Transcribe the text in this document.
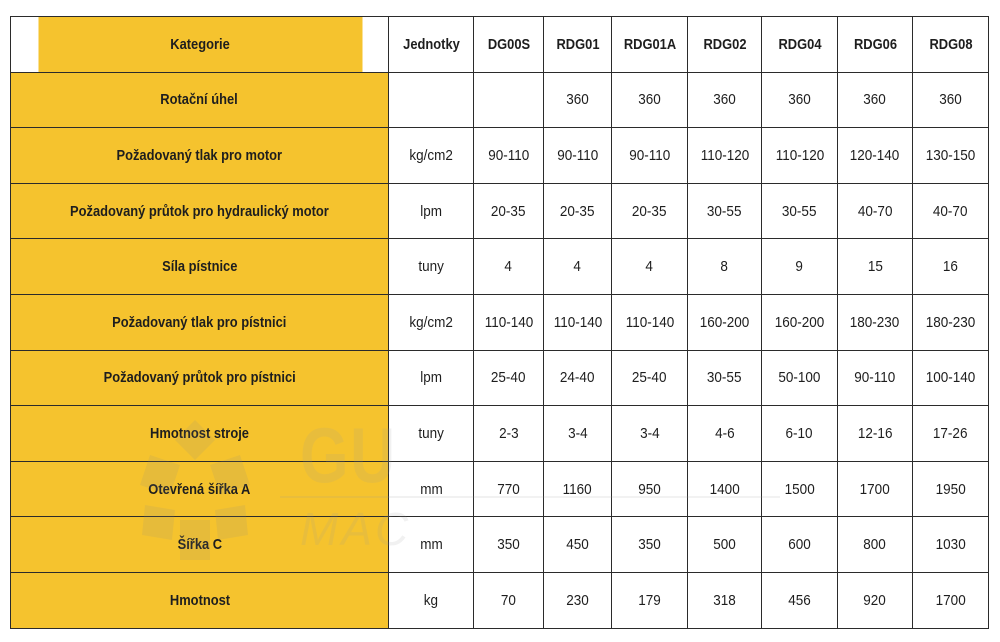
Kategorie	Jednotky	DG00S	RDG01	RDG01A	RDG02	RDG04	RDG06	RDG08
Rotační úhel			360	360	360	360	360	360
Požadovaný tlak pro motor	kg/cm2	90-110	90-110	90-110	110-120	110-120	120-140	130-150
Požadovaný průtok pro hydraulický motor	lpm	20-35	20-35	20-35	30-55	30-55	40-70	40-70
Síla pístnice	tuny	4	4	4	8	9	15	16
Požadovaný tlak pro pístnici	kg/cm2	110-140	110-140	110-140	160-200	160-200	180-230	180-230
Požadovaný průtok pro pístnici	lpm	25-40	24-40	25-40	30-55	50-100	90-110	100-140
Hmotnost stroje	tuny	2-3	3-4	3-4	4-6	6-10	12-16	17-26
Otevřená šířka A	mm	770	1160	950	1400	1500	1700	1950
Šířka C	mm	350	450	350	500	600	800	1030
Hmotnost	kg	70	230	179	318	456	920	1700
